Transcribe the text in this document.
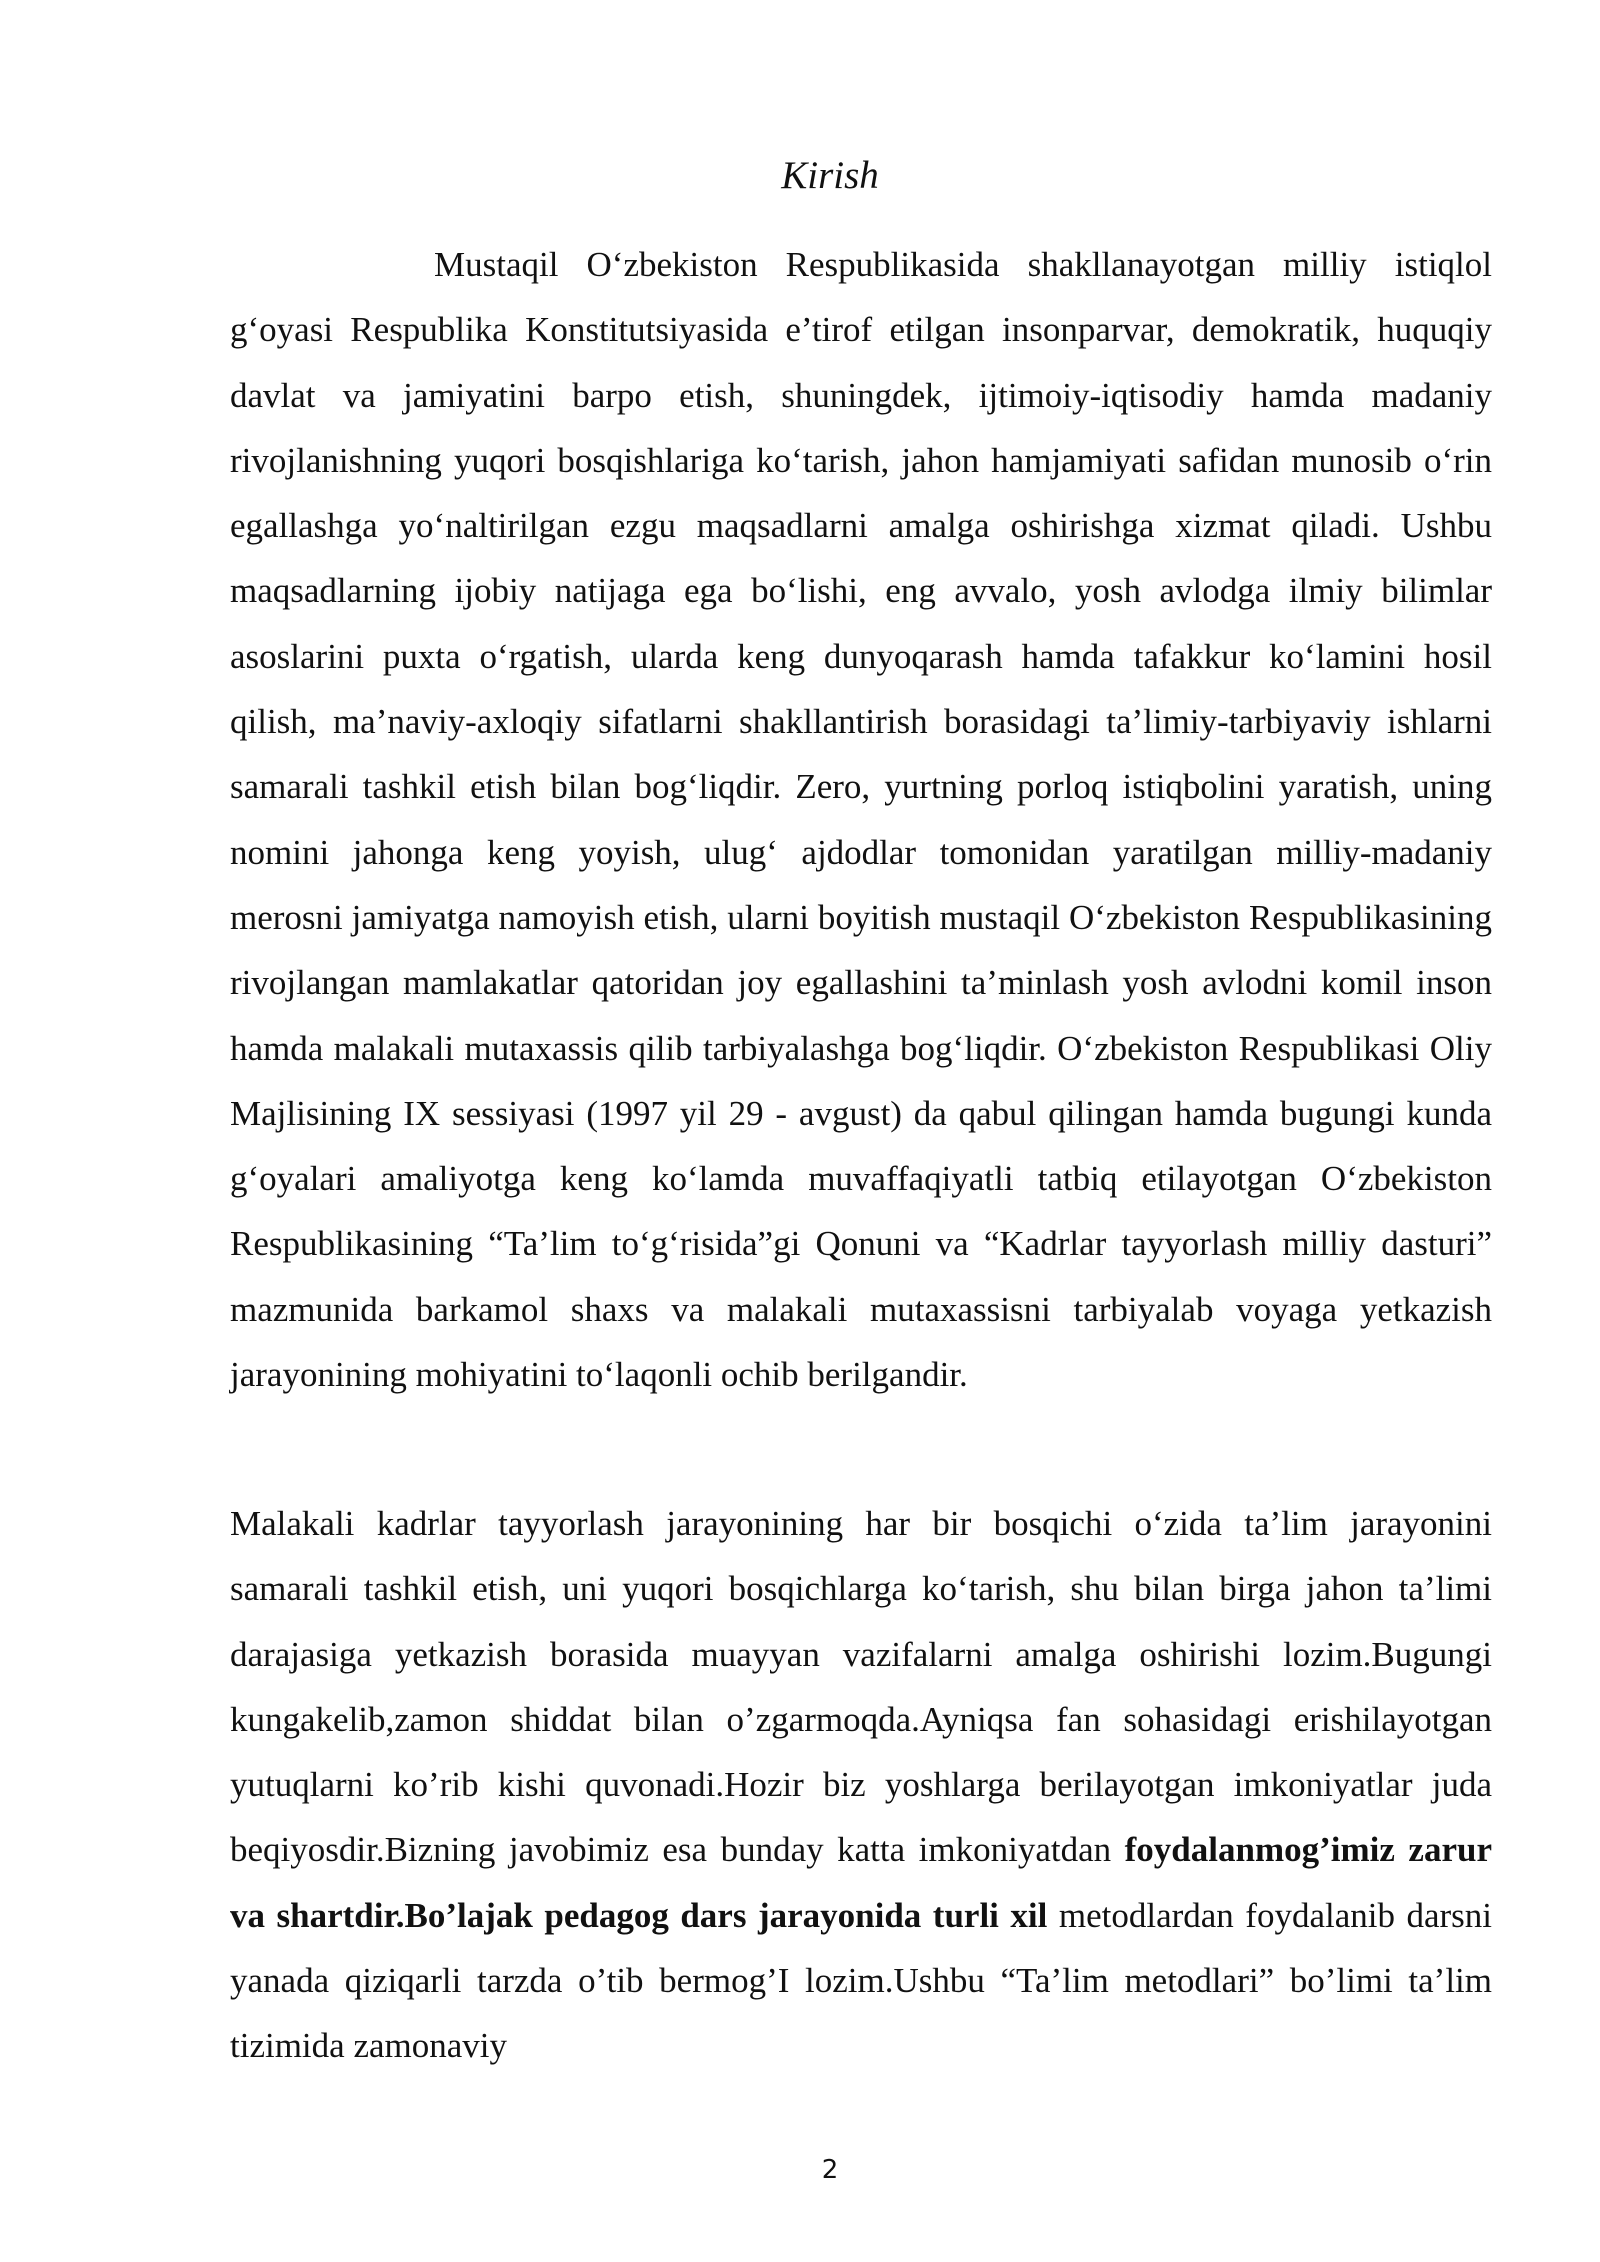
Kirish

Mustaqil O‘zbekiston Respublikasida shakllanayotgan milliy istiqlol g‘oyasi Respublika Konstitutsiyasida e’tirof etilgan insonparvar, demokratik, huquqiy davlat va jamiyatini barpo etish, shuningdek, ijtimoiy-iqtisodiy hamda madaniy rivojlanishning yuqori bosqishlariga ko‘tarish, jahon hamjamiyati safidan munosib o‘rin egallashga yo‘naltirilgan ezgu maqsadlarni amalga oshirishga xizmat qiladi. Ushbu maqsadlarning ijobiy natijaga ega bo‘lishi, eng avvalo, yosh avlodga ilmiy bilimlar asoslarini puxta o‘rgatish, ularda keng dunyoqarash hamda tafakkur ko‘lamini hosil qilish, ma’naviy-axloqiy sifatlarni shakllantirish borasidagi ta’limiy-tarbiyaviy ishlarni samarali tashkil etish bilan bog‘liqdir. Zero, yurtning porloq istiqbolini yaratish, uning nomini jahonga keng yoyish, ulug‘ ajdodlar tomonidan yaratilgan milliy-madaniy merosni jamiyatga namoyish etish, ularni boyitish mustaqil O‘zbekiston Respublikasining rivojlangan mamlakatlar qatoridan joy egallashini ta’minlash yosh avlodni komil inson hamda malakali mutaxassis qilib tarbiyalashga bog‘liqdir. O‘zbekiston Respublikasi Oliy Majlisining IX sessiyasi (1997 yil 29 - avgust) da qabul qilingan hamda bugungi kunda g‘oyalari amaliyotga keng ko‘lamda muvaffaqiyatli tatbiq etilayotgan O‘zbekiston Respublikasining “Ta’lim to‘g‘risida”gi Qonuni va “Kadrlar tayyorlash milliy dasturi” mazmunida barkamol shaxs va malakali mutaxassisni tarbiyalab voyaga yetkazish jarayonining mohiyatini to‘laqonli ochib berilgandir.

Malakali kadrlar tayyorlash jarayonining har bir bosqichi o‘zida ta’lim jarayonini samarali tashkil etish, uni yuqori bosqichlarga ko‘tarish, shu bilan birga jahon ta’limi darajasiga yetkazish borasida muayyan vazifalarni amalga oshirishi lozim.Bugungi kungakelib,zamon shiddat bilan o’zgarmoqda.Ayniqsa fan sohasidagi erishilayotgan yutuqlarni ko’rib kishi quvonadi.Hozir biz yoshlarga berilayotgan imkoniyatlar juda beqiyosdir.Bizning javobimiz esa bunday katta imkoniyatdan foydalanmog’imiz zarur va shartdir.Bo’lajak pedagog dars jarayonida turli xil metodlardan foydalanib darsni yanada qiziqarli tarzda o’tib bermog’I lozim.Ushbu “Ta’lim metodlari” bo’limi ta’lim tizimida zamonaviy

2
